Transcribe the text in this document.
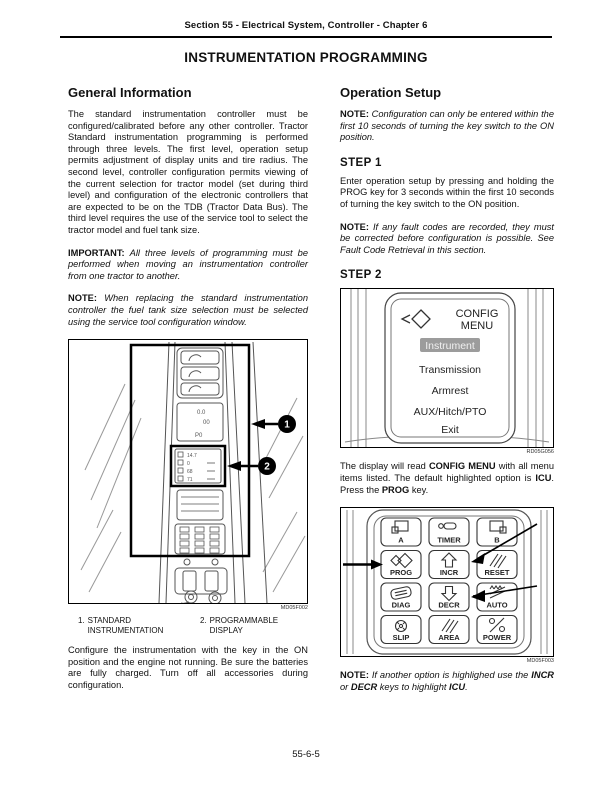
Section 55 - Electrical System, Controller - Chapter 6
INSTRUMENTATION PROGRAMMING
General Information

The standard instrumentation controller must be configured/calibrated before any other controller. Tractor Standard instrumentation programming is performed through three levels. The first level, operation setup permits adjustment of display units and tire radius. The second level, controller configuration permits viewing of the current selection for tractor model (set during third level) and configuration of the electronic controllers that are expected to be on the TDB (Tractor Data Bus). The third level requires the use of the service tool to select the tractor model and fuel tank size.

IMPORTANT: All three levels of programming must be performed when moving an instrumentation controller from one tractor to another.

NOTE: When replacing the standard instrumentation controller the fuel tank size selection must be selected using the service tool configuration window.

0.0
00
P0
14.7
0
68
71
1
2
MD05F002
1. STANDARD
INSTRUMENTATION
2. PROGRAMMABLE
DISPLAY

Configure the instrumentation with the key in the ON position and the engine not running. Be sure the batteries are fully charged. Turn off all accessories during configuration.

Operation Setup

NOTE: Configuration can only be entered within the first 10 seconds of turning the key switch to the ON position.

STEP 1

Enter operation setup by pressing and holding the PROG key for 3 seconds within the first 10 seconds of turning the key switch to the ON position.

NOTE: If any fault codes are recorded, they must be corrected before configuration is possible. See Fault Code Retrieval in this section.

STEP 2
CONFIG
MENU
Instrument
Transmission
Armrest
AUX/Hitch/PTO
Exit
RD05G056

The display will read CONFIG MENU with all menu items listed. The default highlighted option is ICU. Press the PROG key.

A	TIMER	B
PROG	INCR	RESET
DIAG	DECR	AUTO
SLIP	AREA	POWER
MD05F003

NOTE: If another option is highlighed use the INCR or DECR keys to highlight ICU.

55-6-5
